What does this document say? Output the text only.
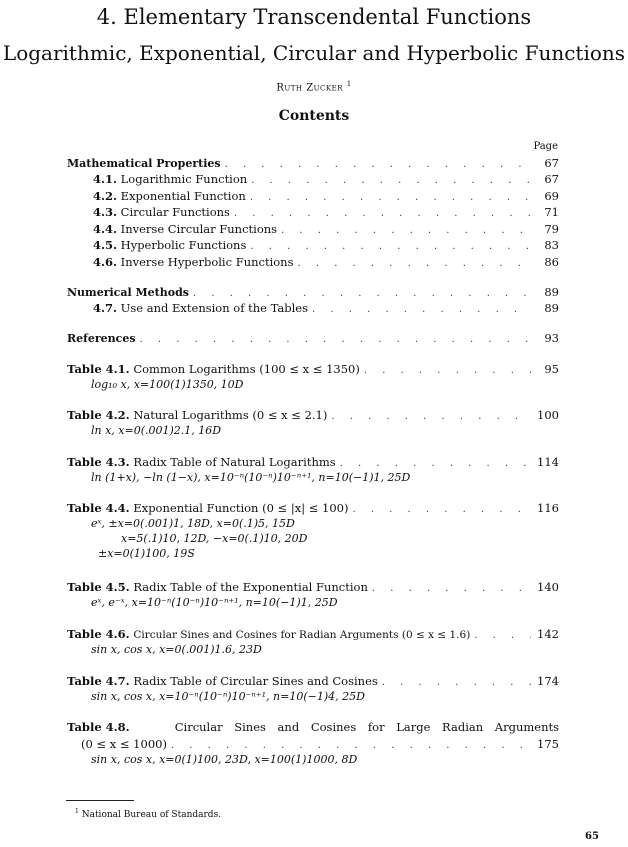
4. Elementary Transcendental Functions
Logarithmic, Exponential, Circular and Hyperbolic Functions
Ruth Zucker $^1$
Contents
Page
Mathematical Properties . . .	67
4.1. Logarithmic Function . . .	67
4.2. Exponential Function . . .	69
4.3. Circular Functions . . .	71
4.4. Inverse Circular Functions . . .	79
4.5. Hyperbolic Functions . . .	83
4.6. Inverse Hyperbolic Functions . . .	86
Numerical Methods . . .	89
4.7. Use and Extension of the Tables . . .	89
References . . .	93
Table 4.1. Common Logarithms (100 ≤ x ≤ 1350) . . .	95
log₁₀ x, x=100(1)1350, 10D
Table 4.2. Natural Logarithms (0 ≤ x ≤ 2.1) . . .	100
ln x, x=0(.001)2.1, 16D
Table 4.3. Radix Table of Natural Logarithms . . .	114
ln (1+x), −ln (1−x), x=10⁻ⁿ(10⁻ⁿ)10⁻ⁿ⁺¹, n=10(−1)1, 25D
Table 4.4. Exponential Function (0 ≤ |x| ≤ 100) . . .	116
eˣ, ±x=0(.001)1, 18D, x=0(.1)5, 15D
x=5(.1)10, 12D, −x=0(.1)10, 20D
±x=0(1)100, 19S
Table 4.5. Radix Table of the Exponential Function . . .	140
eˣ, e⁻ˣ, x=10⁻ⁿ(10⁻ⁿ)10⁻ⁿ⁺¹, n=10(−1)1, 25D
Table 4.6. Circular Sines and Cosines for Radian Arguments (0 ≤ x ≤ 1.6) . . .	142
sin x, cos x, x=0(.001)1.6, 23D
Table 4.7. Radix Table of Circular Sines and Cosines . . .	174
sin x, cos x, x=10⁻ⁿ(10⁻ⁿ)10⁻ⁿ⁺¹, n=10(−1)4, 25D
Table 4.8.
	Circular Sines and Cosines for Large Radian Arguments
(0 ≤ x ≤ 1000) . . .	175
sin x, cos x, x=0(1)100, 23D, x=100(1)1000, 8D
$^1$ National Bureau of Standards.
65
